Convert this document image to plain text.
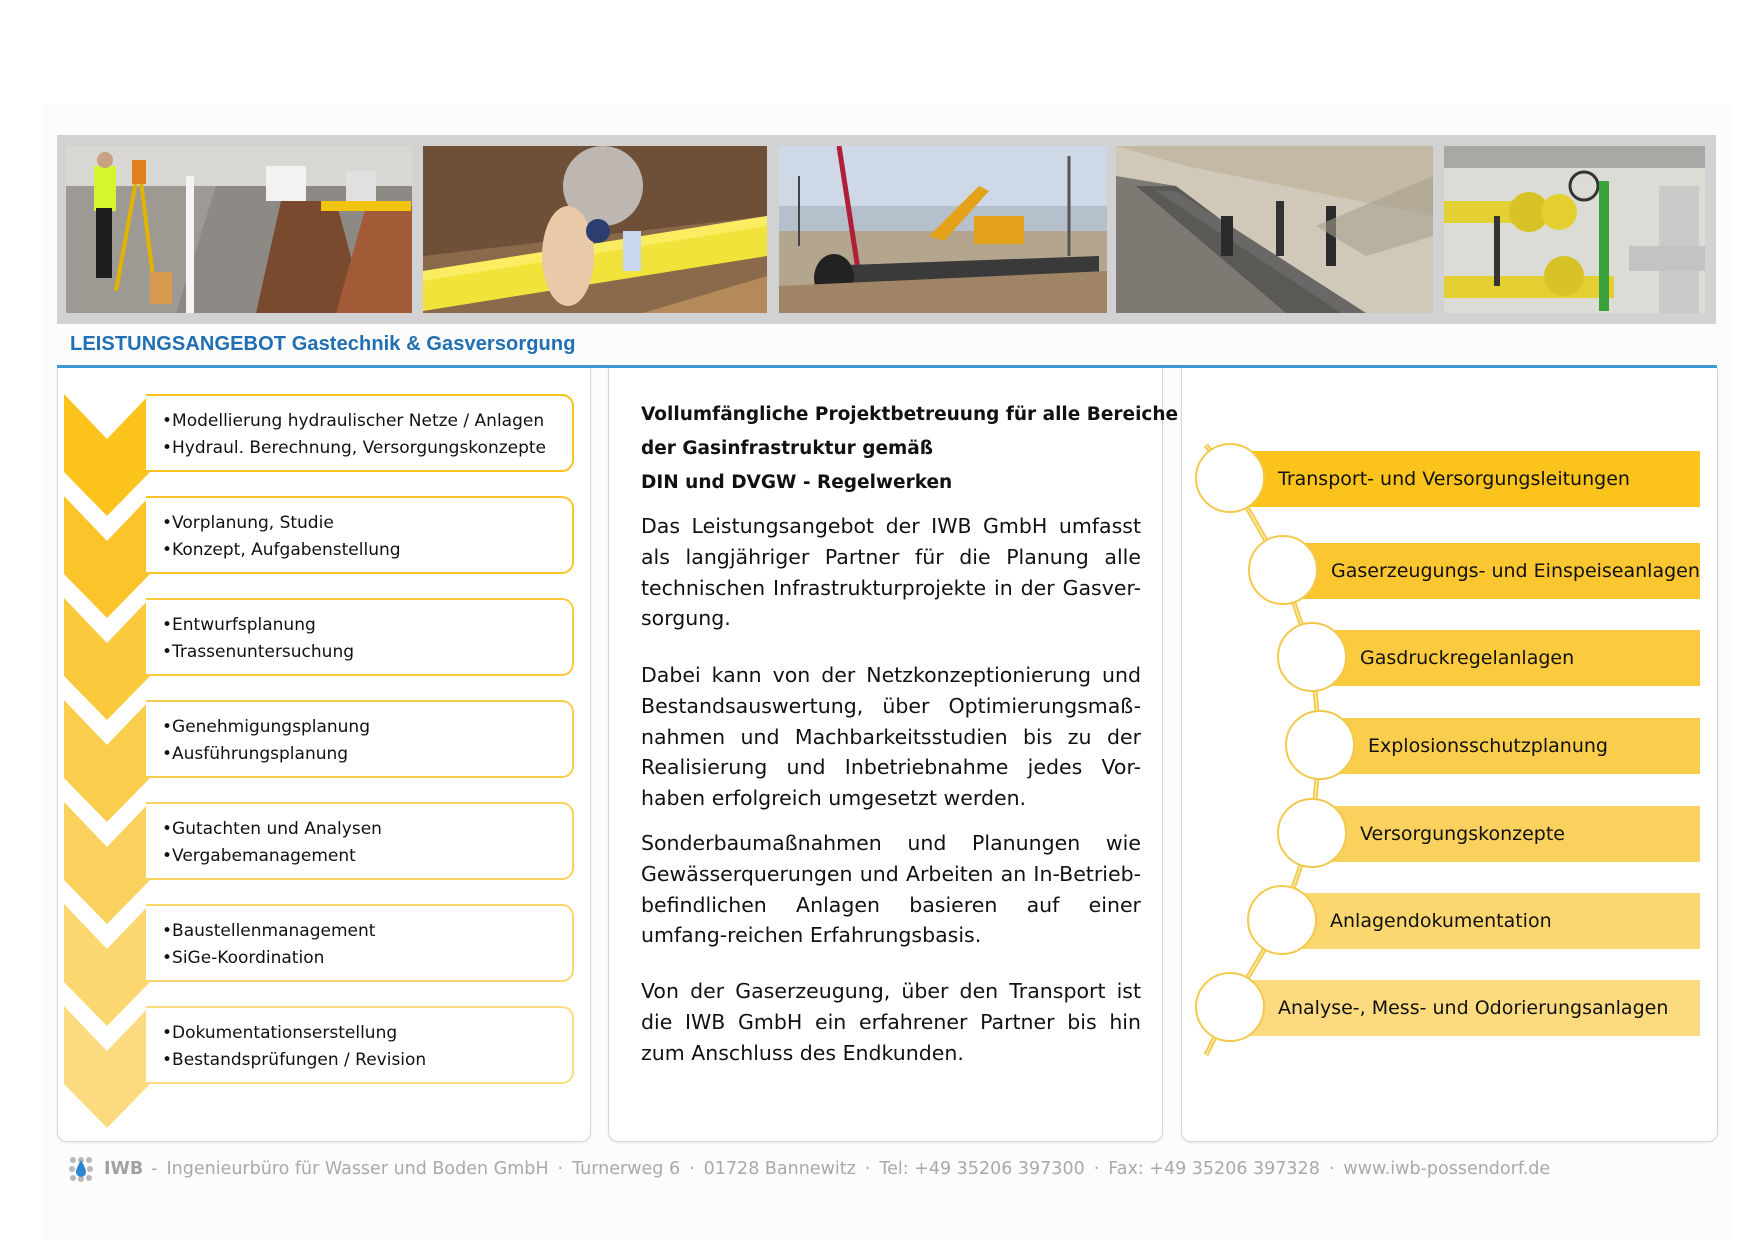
LEISTUNGSANGEBOT Gastechnik & Gasversorgung
•Modellierung hydraulischer Netze / Anlagen
•Hydraul. Berechnung, Versorgungskonzepte
•Vorplanung, Studie
•Konzept, Aufgabenstellung
•Entwurfsplanung
•Trassenuntersuchung
•Genehmigungsplanung
•Ausführungsplanung
•Gutachten und Analysen
•Vergabemanagement
•Baustellenmanagement
•SiGe-Koordination
•Dokumentationserstellung
•Bestandsprüfungen / Revision
Vollumfängliche Projektbetreuung für alle Bereiche
der Gasinfrastruktur gemäß
DIN und DVGW - Regelwerken
Das Leistungsangebot der IWB GmbH umfasst als langjähriger Partner für die Planung alle technischen Infrastrukturprojekte in der Gasver-sorgung.
Dabei kann von der Netzkonzeptionierung und Bestandsauswertung, über Optimierungsmaß-nahmen und Machbarkeitsstudien bis zu der Realisierung und Inbetriebnahme jedes Vor-haben erfolgreich umgesetzt werden.
Sonderbaumaßnahmen und Planungen wie Gewässerquerungen und Arbeiten an In-Betrieb-befindlichen Anlagen basieren auf einer umfang-reichen Erfahrungsbasis.
Von der Gaserzeugung, über den Transport ist die IWB GmbH ein erfahrener Partner bis hin zum Anschluss des Endkunden.
Transport- und Versorgungsleitungen
Gaserzeugungs- und Einspeiseanlagen
Gasdruckregelanlagen
Explosionsschutzplanung
Versorgungskonzepte
Anlagendokumentation
Analyse-, Mess- und Odorierungsanlagen
IWB - Ingenieurbüro für Wasser und Boden GmbH · Turnerweg 6 · 01728 Bannewitz · Tel: +49 35206 397300 · Fax: +49 35206 397328 · www.iwb-possendorf.de
